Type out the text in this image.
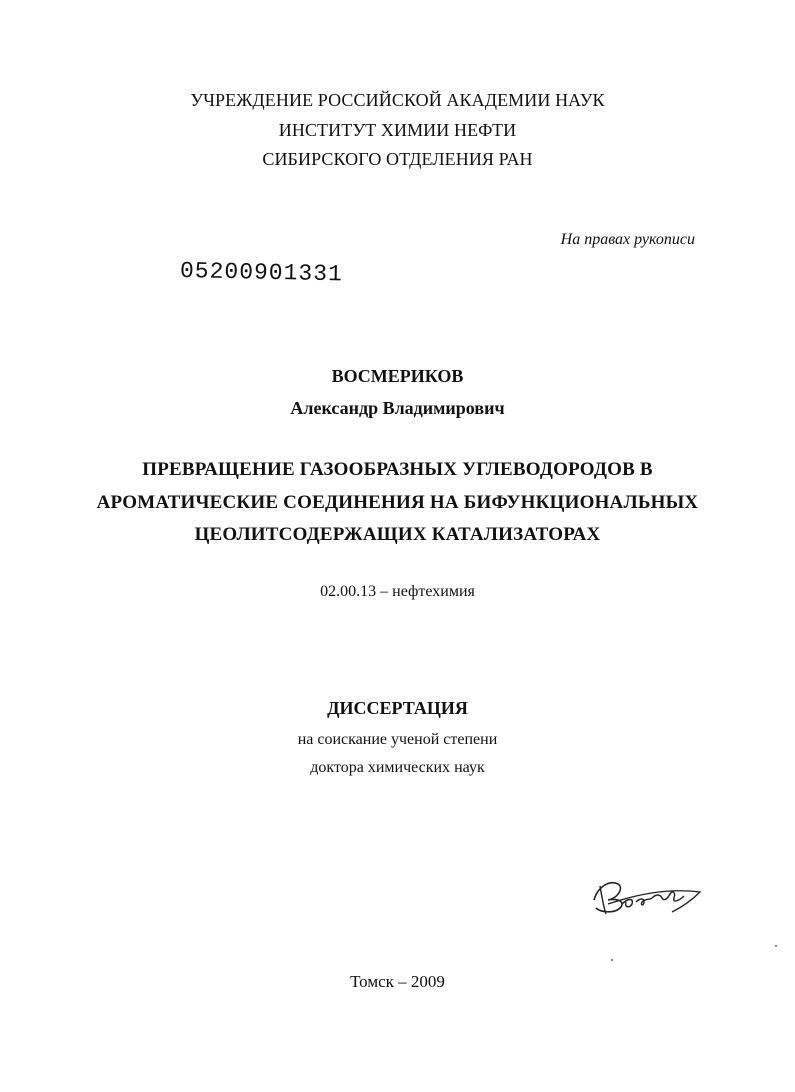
УЧРЕЖДЕНИЕ РОССИЙСКОЙ АКАДЕМИИ НАУК
ИНСТИТУТ ХИМИИ НЕФТИ
СИБИРСКОГО ОТДЕЛЕНИЯ РАН
На правах рукописи
05200901331
ВОСМЕРИКОВ
Александр Владимирович
ПРЕВРАЩЕНИЕ ГАЗООБРАЗНЫХ УГЛЕВОДОРОДОВ В
АРОМАТИЧЕСКИЕ СОЕДИНЕНИЯ НА БИФУНКЦИОНАЛЬНЫХ
ЦЕОЛИТСОДЕРЖАЩИХ КАТАЛИЗАТОРАХ
02.00.13 – нефтехимия
ДИССЕРТАЦИЯ
на соискание ученой степени
доктора химических наук
Томск – 2009
